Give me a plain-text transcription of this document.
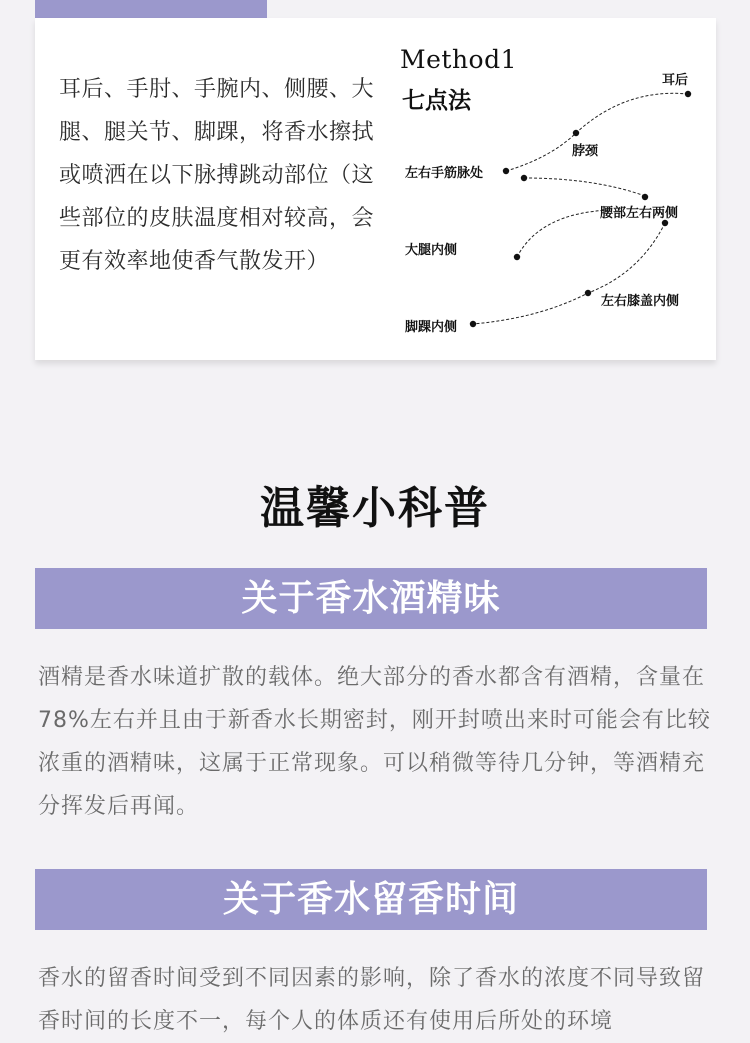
耳后、手肘、手腕内、侧腰、大腿、腿关节、脚踝，将香水擦拭或喷洒在以下脉搏跳动部位（这些部位的皮肤温度相对较高，会更有效率地使香气散发开）
Method1
七点法
耳后
脖颈
左右手筋脉处
腰部左右两侧
大腿内侧
左右膝盖内侧
脚踝内侧
温馨小科普
关于香水酒精味
酒精是香水味道扩散的载体。绝大部分的香水都含有酒精，含量在78%左右并且由于新香水长期密封，刚开封喷出来时可能会有比较浓重的酒精味，这属于正常现象。可以稍微等待几分钟，等酒精充分挥发后再闻。
关于香水留香时间
香水的留香时间受到不同因素的影响，除了香水的浓度不同导致留香时间的长度不一，每个人的体质还有使用后所处的环境
